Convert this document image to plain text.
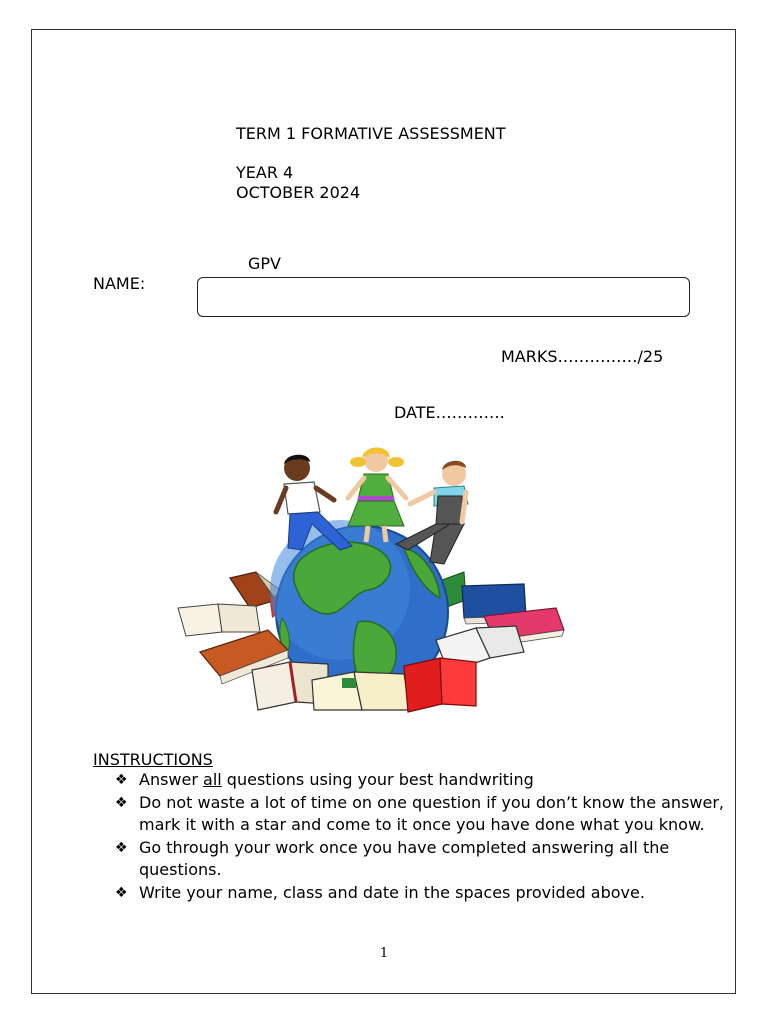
TERM 1 FORMATIVE ASSESSMENT
YEAR 4
OCTOBER 2024
GPV
NAME:
MARKS……………/25
DATE………….
INSTRUCTIONS
❖ Answer all questions using your best handwriting
❖ Do not waste a lot of time on one question if you don’t know the answer, mark it with a star and come to it once you have done what you know.
❖ Go through your work once you have completed answering all the questions.
❖ Write your name, class and date in the spaces provided above.
1
